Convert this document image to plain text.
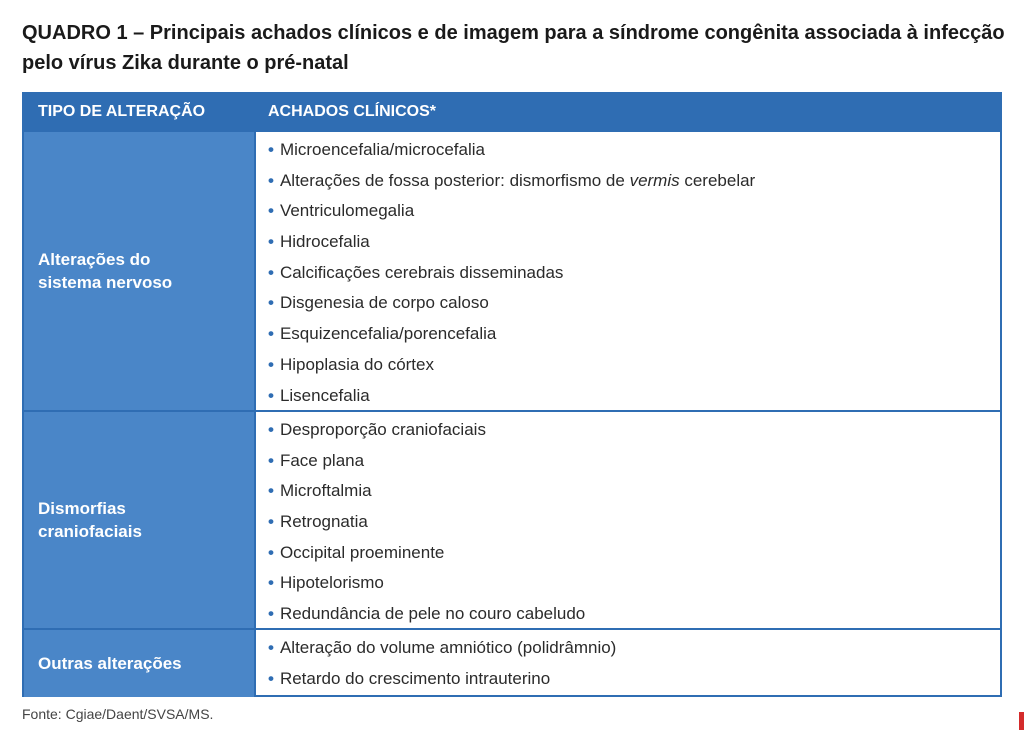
QUADRO 1 – Principais achados clínicos e de imagem para a síndrome congênita associada à infecção pelo vírus Zika durante o pré-natal
TIPO DE ALTERAÇÃO	ACHADOS CLÍNICOS*
Alterações do
sistema nervoso
• Microencefalia/microcefalia
• Alterações de fossa posterior: dismorfismo de vermis cerebelar
• Ventriculomegalia
• Hidrocefalia
• Calcificações cerebrais disseminadas
• Disgenesia de corpo caloso
• Esquizencefalia/porencefalia
• Hipoplasia do córtex
• Lisencefalia
Dismorfias
craniofaciais
• Desproporção craniofaciais
• Face plana
• Microftalmia
• Retrognatia
• Occipital proeminente
• Hipotelorismo
• Redundância de pele no couro cabeludo
Outras alterações
• Alteração do volume amniótico (polidrâmnio)
• Retardo do crescimento intrauterino
Fonte: Cgiae/Daent/SVSA/MS.
